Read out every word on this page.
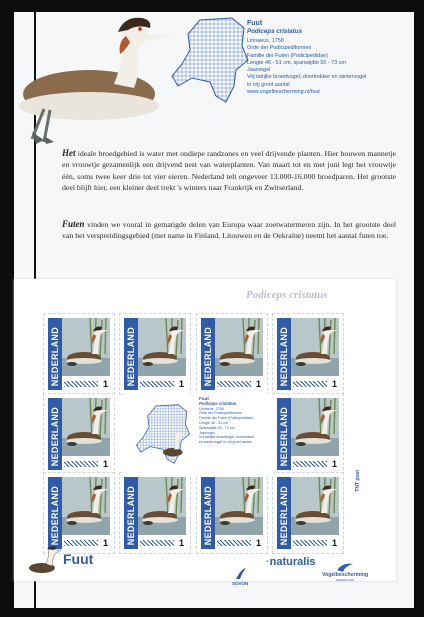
Fuut
Podiceps cristatus
Linnaeus, 1758
Orde der Podicipediformes
Familie der Futen (Podicipedidae)
Lengte 46 - 51 cm, spanwijdte 50 - 73 cm
Jaarvogel
Vrij talrijke broedvogel; doortrekker en wintervogel
in vrij groot aantal
www.vogelbescherming.nl/fuut
Het ideale broedgebied is water met ondiepe randzones en veel drijvende planten. Hier bouwen mannetje en vrouwtje gezamenlijk een drijvend nest van waterplanten. Van maart tot en met juni legt het vrouwtje één, soms twee keer drie tot vier eieren. Nederland telt ongeveer 13.000-16.000 broedparen. Het grootste deel blijft hier, een kleiner deel trekt 's winters naar Frankrijk en Zwitserland.
Futen vinden we vooral in gematigde delen van Europa waar zoetwatermeren zijn. In het grootste deel van het verspreidingsgebied (met name in Finland, Litouwen en de Oekraïne) neemt het aantal futen toe.
Podiceps cristatus
NEDERLAND	1 NEDERLAND	1 NEDERLAND	1 NEDERLAND	1
NEDERLAND	1	NEDERLAND	1
NEDERLAND	1 NEDERLAND	1 NEDERLAND	1 NEDERLAND	1
Fuut
Podiceps cristatus
Linnaeus, 1758
Orde der Podicipediformes
Familie der Futen (Podicipedidae)
Lengte 46 - 51 cm
Spanwijdte 50 - 73 cm
Jaarvogel
Vrij talrijke broedvogel; doortrekker
en wintervogel in vrij groot aantal
TNT post
Fuut
SOVON
·naturalis
Vogelbescherming
NEDERLAND
